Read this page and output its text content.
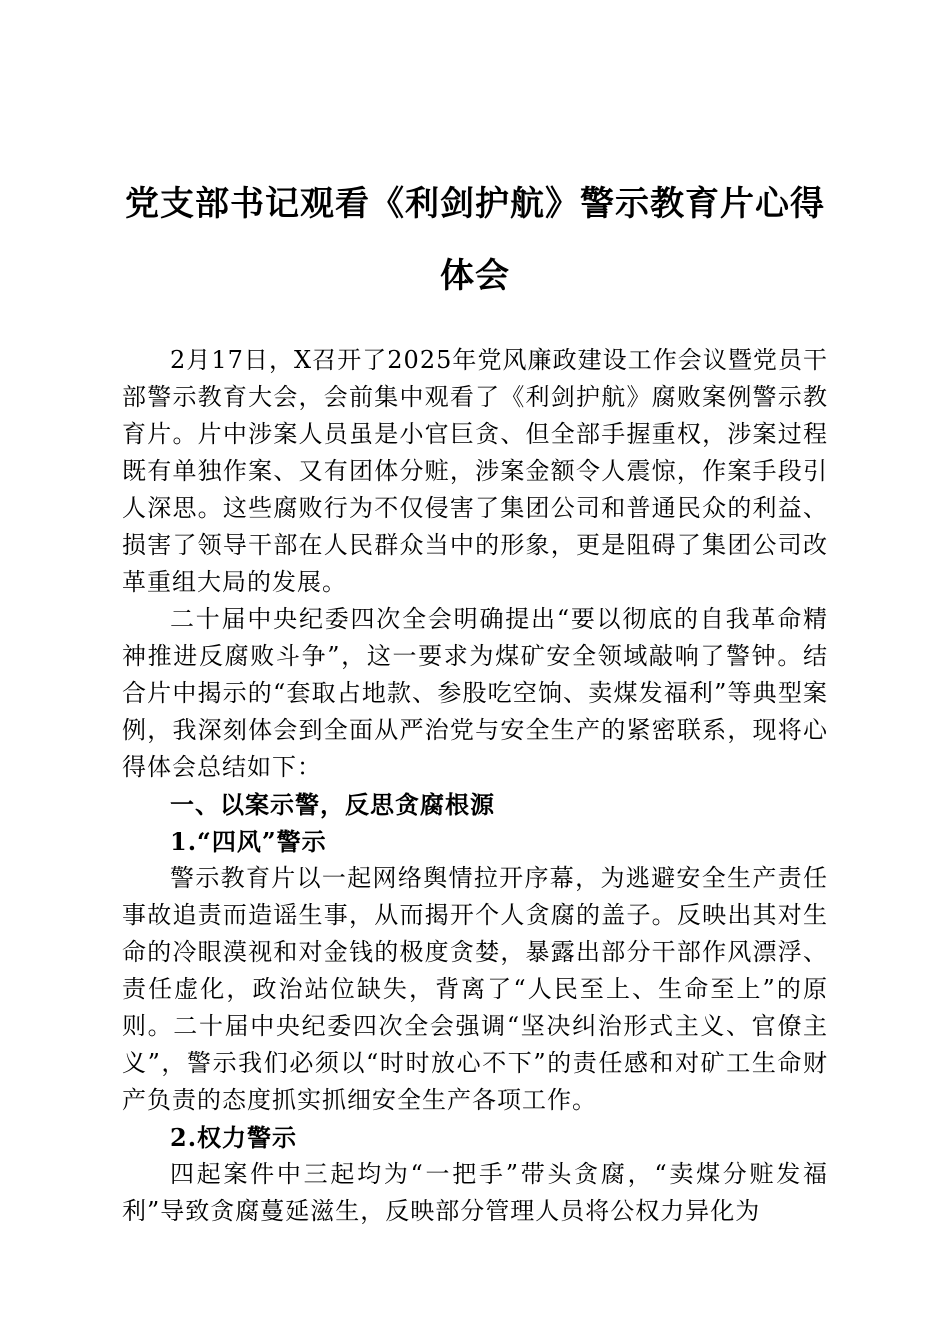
党支部书记观看《利剑护航》警示教育片心得
体会

2月17日，X召开了2025年党风廉政建设工作会议暨党员干部警示教育大会，会前集中观看了《利剑护航》腐败案例警示教育片。片中涉案人员虽是小官巨贪、但全部手握重权，涉案过程既有单独作案、又有团体分赃，涉案金额令人震惊，作案手段引人深思。这些腐败行为不仅侵害了集团公司和普通民众的利益、损害了领导干部在人民群众当中的形象，更是阻碍了集团公司改革重组大局的发展。

二十届中央纪委四次全会明确提出“要以彻底的自我革命精神推进反腐败斗争”，这一要求为煤矿安全领域敲响了警钟。结合片中揭示的“套取占地款、参股吃空饷、卖煤发福利”等典型案例，我深刻体会到全面从严治党与安全生产的紧密联系，现将心得体会总结如下：

一、以案示警，反思贪腐根源

1.“四风”警示

警示教育片以一起网络舆情拉开序幕，为逃避安全生产责任事故追责而造谣生事，从而揭开个人贪腐的盖子。反映出其对生命的冷眼漠视和对金钱的极度贪婪，暴露出部分干部作风漂浮、责任虚化，政治站位缺失，背离了“人民至上、生命至上”的原则。二十届中央纪委四次全会强调“坚决纠治形式主义、官僚主义”，警示我们必须以“时时放心不下”的责任感和对矿工生命财产负责的态度抓实抓细安全生产各项工作。

2.权力警示

四起案件中三起均为“一把手”带头贪腐，“卖煤分赃发福利”导致贪腐蔓延滋生，反映部分管理人员将公权力异化为
